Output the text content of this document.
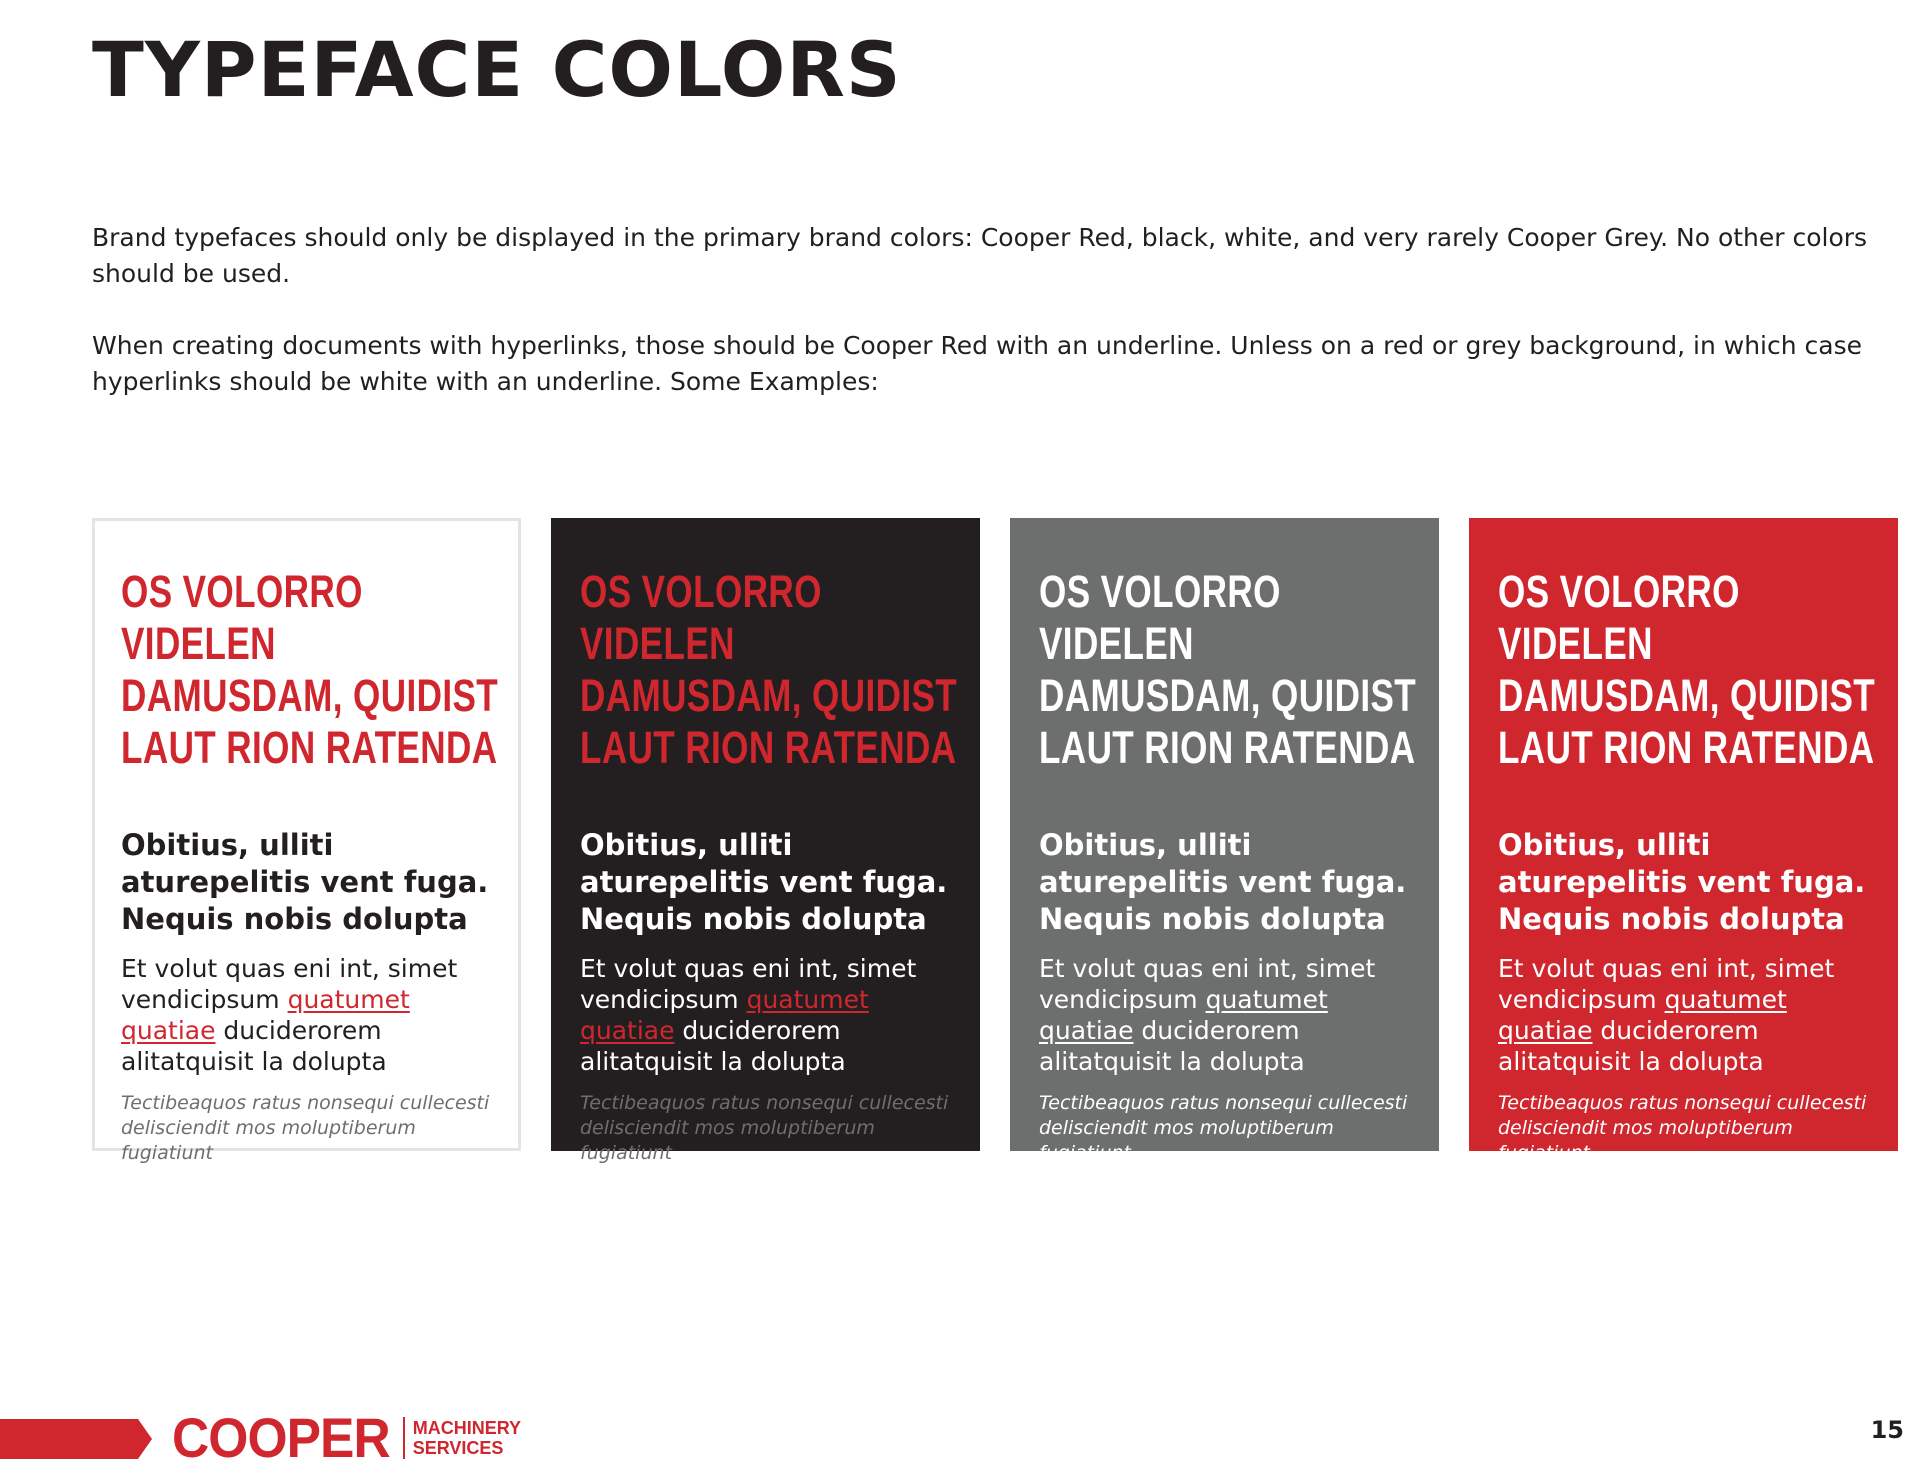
TYPEFACE COLORS

Brand typefaces should only be displayed in the primary brand colors: Cooper Red, black, white, and very rarely Cooper Grey. No other colors should be used.

When creating documents with hyperlinks, those should be Cooper Red with an underline. Unless on a red or grey background, in which case hyperlinks should be white with an underline. Some Examples:

OS VOLORRO VIDELEN
DAMUSDAM, QUIDIST
LAUT RION RATENDA
Obitius, ulliti
aturepelitis vent fuga.
Nequis nobis dolupta
Et volut quas eni int, simet
vendicipsum quatumet
quatiae duciderorem
alitatquisit la dolupta
Tectibeaquos ratus nonsequi cullecesti
delisciendit mos moluptiberum fugiatiunt
OS VOLORRO VIDELEN
DAMUSDAM, QUIDIST
LAUT RION RATENDA
Obitius, ulliti
aturepelitis vent fuga.
Nequis nobis dolupta
Et volut quas eni int, simet
vendicipsum quatumet
quatiae duciderorem
alitatquisit la dolupta
Tectibeaquos ratus nonsequi cullecesti
delisciendit mos moluptiberum fugiatiunt
OS VOLORRO VIDELEN
DAMUSDAM, QUIDIST
LAUT RION RATENDA
Obitius, ulliti
aturepelitis vent fuga.
Nequis nobis dolupta
Et volut quas eni int, simet
vendicipsum quatumet
quatiae duciderorem
alitatquisit la dolupta
Tectibeaquos ratus nonsequi cullecesti
delisciendit mos moluptiberum fugiatiunt
OS VOLORRO VIDELEN
DAMUSDAM, QUIDIST
LAUT RION RATENDA
Obitius, ulliti
aturepelitis vent fuga.
Nequis nobis dolupta
Et volut quas eni int, simet
vendicipsum quatumet
quatiae duciderorem
alitatquisit la dolupta
Tectibeaquos ratus nonsequi cullecesti
delisciendit mos moluptiberum fugiatiunt
COOPER MACHINERY
SERVICES
15
